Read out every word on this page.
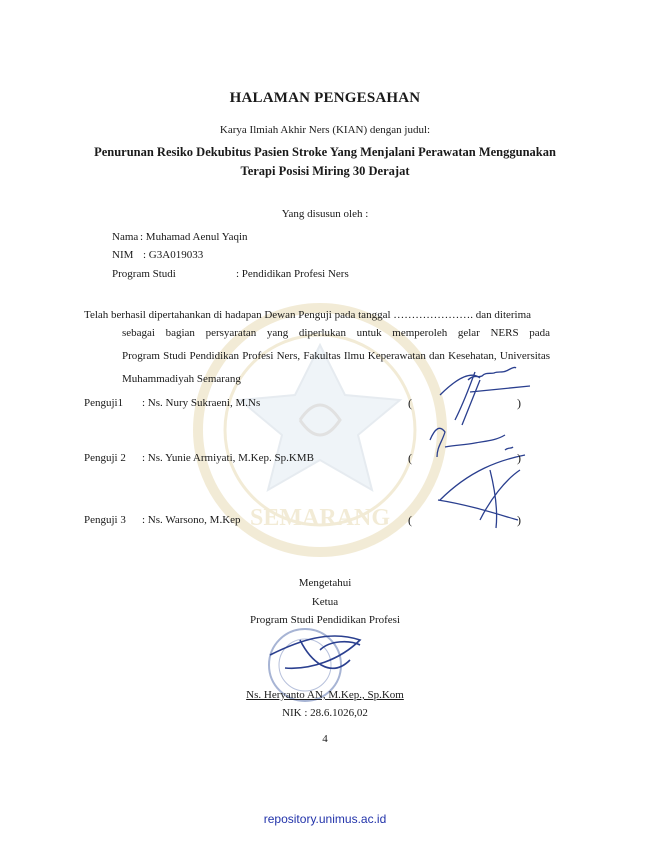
SEMARANG
HALAMAN PENGESAHAN
Karya Ilmiah Akhir Ners (KIAN) dengan judul:
Penurunan Resiko Dekubitus Pasien Stroke Yang Menjalani Perawatan Menggunakan
Terapi Posisi Miring 30 Derajat
Yang disusun oleh :
Nama : Muhamad Aenul Yaqin
NIM : G3A019033
Program Studi	: Pendidikan Profesi Ners
Telah berhasil dipertahankan di hadapan Dewan Penguji pada tanggal …………………. dan diterima
sebagai bagian persyaratan yang diperlukan untuk memperoleh gelar NERS pada
Program Studi Pendidikan Profesi Ners, Fakultas Ilmu Keperawatan dan Kesehatan, Universitas
Muhammadiyah Semarang
Penguji1 : Ns. Nury Sukraeni, M.Ns	(	)
Penguji 2 : Ns. Yunie Armiyati, M.Kep. Sp.KMB	(	)
Penguji 3 : Ns. Warsono, M.Kep	(	)
Mengetahui
Ketua
Program Studi Pendidikan Profesi
Ns. Heryanto AN, M.Kep., Sp.Kom
NIK : 28.6.1026,02
4
repository.unimus.ac.id
